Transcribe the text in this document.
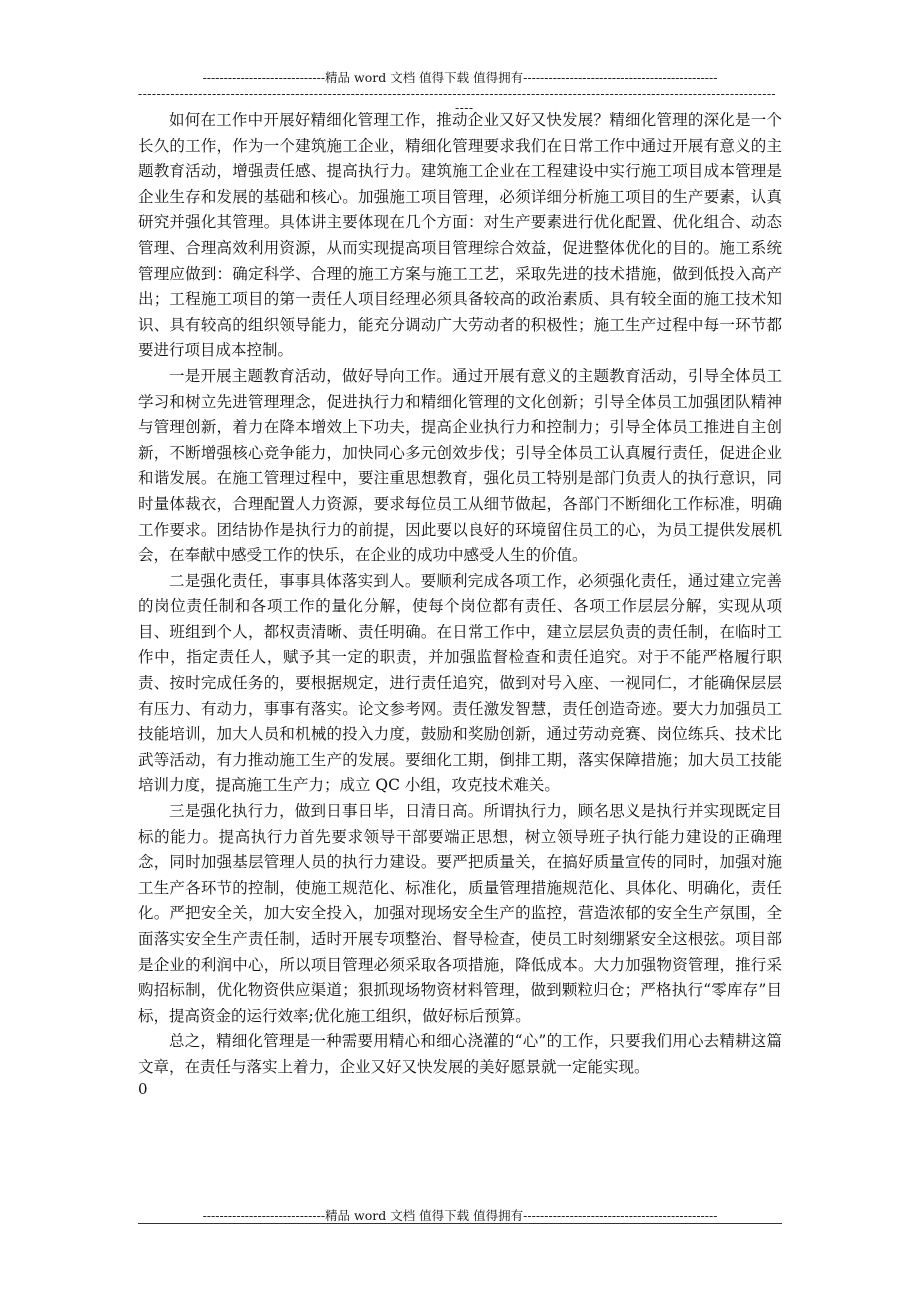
-----------------------------精品 word 文档 值得下载 值得拥有----------------------------------------------
------------------------------------------------------------------------------------------------------------------------------------------
----

如何在工作中开展好精细化管理工作，推动企业又好又快发展？精细化管理的深化是一个长久的工作，作为一个建筑施工企业，精细化管理要求我们在日常工作中通过开展有意义的主题教育活动，增强责任感、提高执行力。建筑施工企业在工程建设中实行施工项目成本管理是企业生存和发展的基础和核心。加强施工项目管理，必须详细分析施工项目的生产要素，认真研究并强化其管理。具体讲主要体现在几个方面：对生产要素进行优化配置、优化组合、动态管理、合理高效利用资源，从而实现提高项目管理综合效益，促进整体优化的目的。施工系统管理应做到：确定科学、合理的施工方案与施工工艺，采取先进的技术措施，做到低投入高产出；工程施工项目的第一责任人项目经理必须具备较高的政治素质、具有较全面的施工技术知识、具有较高的组织领导能力，能充分调动广大劳动者的积极性；施工生产过程中每一环节都要进行项目成本控制。

一是开展主题教育活动，做好导向工作。通过开展有意义的主题教育活动，引导全体员工学习和树立先进管理理念，促进执行力和精细化管理的文化创新；引导全体员工加强团队精神与管理创新，着力在降本增效上下功夫，提高企业执行力和控制力；引导全体员工推进自主创新，不断增强核心竞争能力，加快同心多元创效步伐；引导全体员工认真履行责任，促进企业和谐发展。在施工管理过程中，要注重思想教育，强化员工特别是部门负责人的执行意识，同时量体裁衣，合理配置人力资源，要求每位员工从细节做起，各部门不断细化工作标准，明确工作要求。团结协作是执行力的前提，因此要以良好的环境留住员工的心，为员工提供发展机会，在奉献中感受工作的快乐，在企业的成功中感受人生的价值。

二是强化责任，事事具体落实到人。要顺利完成各项工作，必须强化责任，通过建立完善的岗位责任制和各项工作的量化分解，使每个岗位都有责任、各项工作层层分解，实现从项目、班组到个人，都权责清晰、责任明确。在日常工作中，建立层层负责的责任制，在临时工作中，指定责任人，赋予其一定的职责，并加强监督检查和责任追究。对于不能严格履行职责、按时完成任务的，要根据规定，进行责任追究，做到对号入座、一视同仁，才能确保层层有压力、有动力，事事有落实。论文参考网。责任激发智慧，责任创造奇迹。要大力加强员工技能培训，加大人员和机械的投入力度，鼓励和奖励创新，通过劳动竞赛、岗位练兵、技术比武等活动，有力推动施工生产的发展。要细化工期，倒排工期，落实保障措施；加大员工技能培训力度，提高施工生产力；成立 QC 小组，攻克技术难关。

三是强化执行力，做到日事日毕，日清日高。所谓执行力，顾名思义是执行并实现既定目标的能力。提高执行力首先要求领导干部要端正思想，树立领导班子执行能力建设的正确理念，同时加强基层管理人员的执行力建设。要严把质量关，在搞好质量宣传的同时，加强对施工生产各环节的控制，使施工规范化、标准化，质量管理措施规范化、具体化、明确化，责任化。严把安全关，加大安全投入，加强对现场安全生产的监控，营造浓郁的安全生产氛围，全面落实安全生产责任制，适时开展专项整治、督导检查，使员工时刻绷紧安全这根弦。项目部是企业的利润中心，所以项目管理必须采取各项措施，降低成本。大力加强物资管理，推行采购招标制，优化物资供应渠道；狠抓现场物资材料管理，做到颗粒归仓；严格执行“零库存”目标，提高资金的运行效率;优化施工组织，做好标后预算。

总之，精细化管理是一种需要用精心和细心浇灌的“心”的工作，只要我们用心去精耕这篇文章，在责任与落实上着力，企业又好又快发展的美好愿景就一定能实现。

0
-----------------------------精品 word 文档 值得下载 值得拥有----------------------------------------------
